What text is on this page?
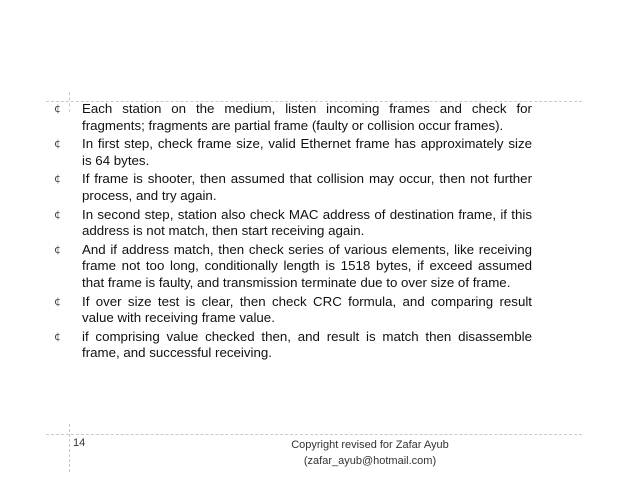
¢ Each station on the medium, listen incoming frames and check for fragments; fragments are partial frame (faulty or collision occur frames).
¢ In first step, check frame size, valid Ethernet frame has approximately size is 64 bytes.
¢ If frame is shooter, then assumed that collision may occur, then not further process, and try again.
¢ In second step, station also check MAC address of destination frame, if this address is not match, then start receiving again.
¢ And if address match, then check series of various elements, like receiving frame not too long, conditionally length is 1518 bytes, if exceed assumed that frame is faulty, and transmission terminate due to over size of frame.
¢ If over size test is clear, then check CRC formula, and comparing result value with receiving frame value.
¢ if comprising value checked then, and result is match then disassemble frame, and successful receiving.
14	Copyright revised for Zafar Ayub
(zafar_ayub@hotmail.com)
